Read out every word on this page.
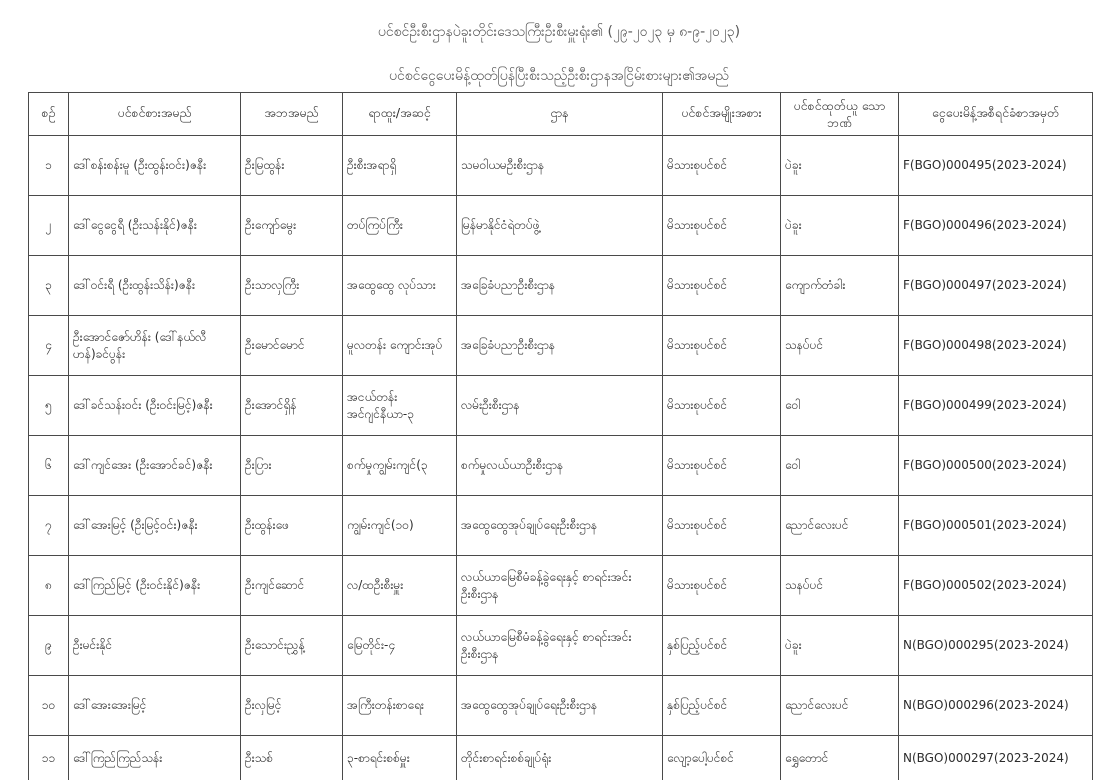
ပင်စင်ဦးစီးဌာနပဲခူးတိုင်းဒေသကြီးဦးစီးမှူးရုံး၏ (၂၉-၂၀၂၃ မှ ၈-၉-၂၀၂၃)
ပင်စင်ငွေပေးမိန့်ထုတ်ပြန်ပြီးစီးသည့်ဦးစီးဌာနအငြိမ်းစားများ၏အမည်
စဉ်	ပင်စင်စားအမည်	အဘအမည်	ရာထူး/အဆင့်	ဌာန	ပင်စင်အမျိုးအစား	ပင်စင်ထုတ်ယူ သောဘဏ်	ငွေပေးမိန့်အစီရင်ခံစာအမှတ်
၁	ဒေါ်စန်းစန်းမူ (ဦးထွန်းဝင်း)ဇနီး	ဦးမြထွန်း	ဦးစီးအရာရှိ	သမဝါယမဦးစီးဌာန	မိသားစုပင်စင်	ပဲခူး	F(BGO)000495(2023-2024)
၂	ဒေါ်ငွေငွေရီ (ဦးသန်းနိုင်)ဇနီး	ဦးကျော်မွေး	တပ်ကြပ်ကြီး	မြန်မာနိုင်ငံရဲတပ်ဖွဲ့	မိသားစုပင်စင်	ပဲခူး	F(BGO)000496(2023-2024)
၃	ဒေါ်ဝင်းရီ (ဦးထွန်းသိန်း)ဇနီး	ဦးသာလှကြီး	အထွေထွေ လုပ်သား	အခြေခံပညာဦးစီးဌာန	မိသားစုပင်စင်	ကျောက်တံခါး	F(BGO)000497(2023-2024)
၄	ဦးအောင်ဇော်ဟိန်း (ဒေါ်နယ်လီဟန်)ခင်ပွန်း	ဦးမောင်မောင်	မူလတန်း ကျောင်းအုပ်	အခြေခံပညာဦးစီးဌာန	မိသားစုပင်စင်	သနပ်ပင်	F(BGO)000498(2023-2024)
၅	ဒေါ်ခင်သန်းဝင်း (ဦးဝင်းမြင့်)ဇနီး	ဦးအောင်ရှိန်	အငယ်တန်း အင်ဂျင်နီယာ-၃	လမ်းဦးစီးဌာန	မိသားစုပင်စင်	ဝေါ	F(BGO)000499(2023-2024)
၆	ဒေါ်ကျင်အေး (ဦးအောင်ခင်)ဇနီး	ဦးပြား	စက်မှုကျွမ်းကျင်(၃	စက်မှုလယ်ယာဦးစီးဌာန	မိသားစုပင်စင်	ဝေါ	F(BGO)000500(2023-2024)
၇	ဒေါ်အေးမြင့် (ဦးမြင့်ဝင်း)ဇနီး	ဦးထွန်းဖေ	ကျွမ်းကျင်(၁၀)	အထွေထွေအုပ်ချုပ်ရေးဦးစီးဌာန	မိသားစုပင်စင်	ညောင်လေးပင်	F(BGO)000501(2023-2024)
၈	ဒေါ်ကြည်မြင့် (ဦးဝင်းနိုင်)ဇနီး	ဦးကျင်ဆောင်	လ/ထဦးစီးမှူး	လယ်ယာမြေစီမံခန့်ခွဲရေးနှင့် စာရင်းအင်းဦးစီးဌာန	မိသားစုပင်စင်	သနပ်ပင်	F(BGO)000502(2023-2024)
၉	ဦးမင်းနိုင်	ဦးသောင်းညွှန့်	မြေတိုင်း-၄	လယ်ယာမြေစီမံခန့်ခွဲရေးနှင့် စာရင်းအင်းဦးစီးဌာန	နှစ်ပြည့်ပင်စင်	ပဲခူး	N(BGO)000295(2023-2024)
၁၀	ဒေါ်အေးအေးမြင့်	ဦးလှမြင့်	အကြီးတန်းစာရေး	အထွေထွေအုပ်ချုပ်ရေးဦးစီးဌာန	နှစ်ပြည့်ပင်စင်	ညောင်လေးပင်	N(BGO)000296(2023-2024)
၁၁	ဒေါ်ကြည်ကြည်သန်း	ဦးသစ်	၃-စာရင်းစစ်မှူး	တိုင်းစာရင်းစစ်ချုပ်ရုံး	လျော့ပေါ့ပင်စင်	ရွှေတောင်	N(BGO)000297(2023-2024)
